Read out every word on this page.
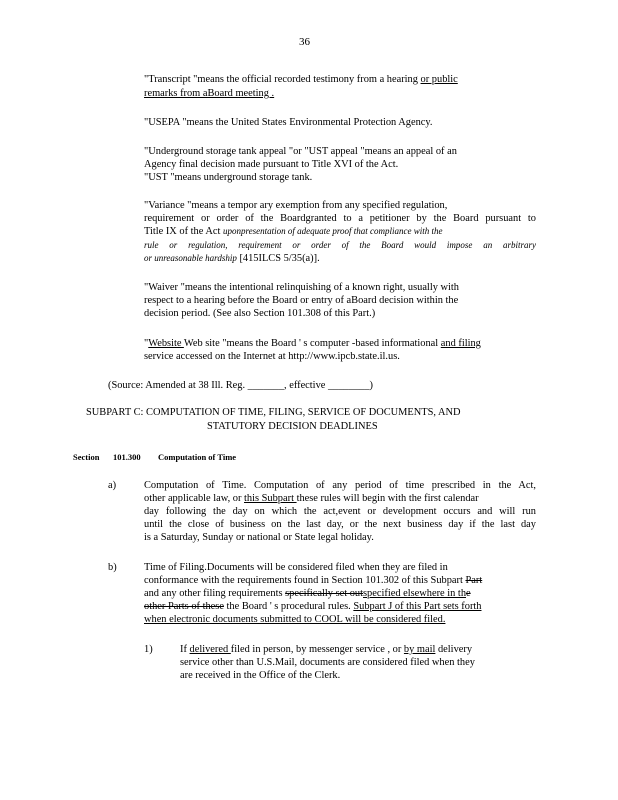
36
"Transcript "means the official recorded testimony from a hearing or public
remarks from aBoard meeting .
"USEPA "means the United States Environmental Protection Agency.
"Underground storage tank appeal "or "UST appeal "means an appeal of an
Agency final decision made pursuant to Title XVI of the Act.
"UST "means underground storage tank.
"Variance "means a tempor ary exemption from any specified regulation,
requirement or order of the Boardgranted to a petitioner by the Board pursuant to
Title IX of the Act uponpresentation of adequate proof that compliance with the
rule or regulation, requirement or order of the Board would impose an arbitrary
or unreasonable hardship [415ILCS 5/35(a)].
"Waiver "means the intentional relinquishing of a known right, usually with
respect to a hearing before the Board or entry of aBoard decision within the
decision period. (See also Section 101.308 of this Part.)
"Website Web site "means the Board ' s computer -based informational and filing
service accessed on the Internet at http://www.ipcb.state.il.us.
(Source: Amended at 38 Ill. Reg. _______, effective ________)
SUBPART C: COMPUTATION OF TIME, FILING, SERVICE OF DOCUMENTS, AND
STATUTORY DECISION DEADLINES
Section 101.300 Computation of Time
a)	Computation of Time. Computation of any period of time prescribed in the Act,
other applicable law, or this Subpart these rules will begin with the first calendar
day following the day on which the act,event or development occurs and will run
until the close of business on the last day, or the next business day if the last day
is a Saturday, Sunday or national or State legal holiday.
b)	Time of Filing.Documents will be considered filed when they are filed in
conformance with the requirements found in Section 101.302 of this Subpart Part
and any other filing requirements specifically set outspecified elsewhere in the
other Parts of these the Board ' s procedural rules. Subpart J of this Part sets forth
when electronic documents submitted to COOL will be considered filed.
1)	If delivered filed in person, by messenger service , or by mail delivery
service other than U.S.Mail, documents are considered filed when they
are received in the Office of the Clerk.
